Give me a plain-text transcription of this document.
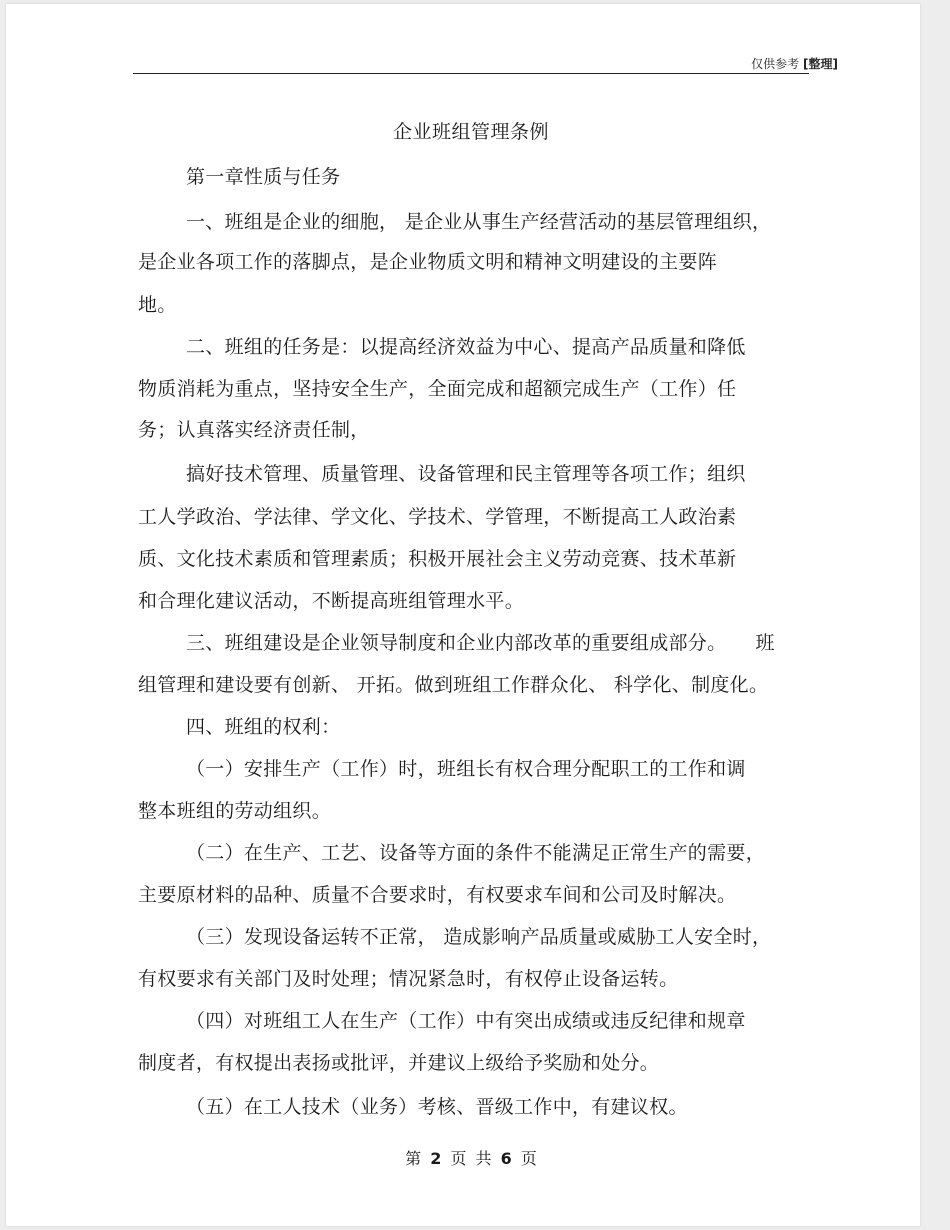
仅供参考 [整理]
企业班组管理条例
第一章性质与任务
一、班组是企业的细胞， 是企业从事生产经营活动的基层管理组织，
是企业各项工作的落脚点，是企业物质文明和精神文明建设的主要阵
地。
二、班组的任务是：以提高经济效益为中心、提高产品质量和降低
物质消耗为重点，坚持安全生产，全面完成和超额完成生产（工作）任
务；认真落实经济责任制，
搞好技术管理、质量管理、设备管理和民主管理等各项工作；组织
工人学政治、学法律、学文化、学技术、学管理，不断提高工人政治素
质、文化技术素质和管理素质；积极开展社会主义劳动竞赛、技术革新
和合理化建议活动，不断提高班组管理水平。
三、班组建设是企业领导制度和企业内部改革的重要组成部分。　　班
组管理和建设要有创新、 开拓。做到班组工作群众化、 科学化、制度化。
四、班组的权利：
（一）安排生产（工作）时，班组长有权合理分配职工的工作和调
整本班组的劳动组织。
（二）在生产、工艺、设备等方面的条件不能满足正常生产的需要，
主要原材料的品种、质量不合要求时，有权要求车间和公司及时解决。
（三）发现设备运转不正常， 造成影响产品质量或威胁工人安全时，
有权要求有关部门及时处理；情况紧急时，有权停止设备运转。
（四）对班组工人在生产（工作）中有突出成绩或违反纪律和规章
制度者，有权提出表扬或批评，并建议上级给予奖励和处分。
（五）在工人技术（业务）考核、晋级工作中，有建议权。
第 2 页 共 6 页
